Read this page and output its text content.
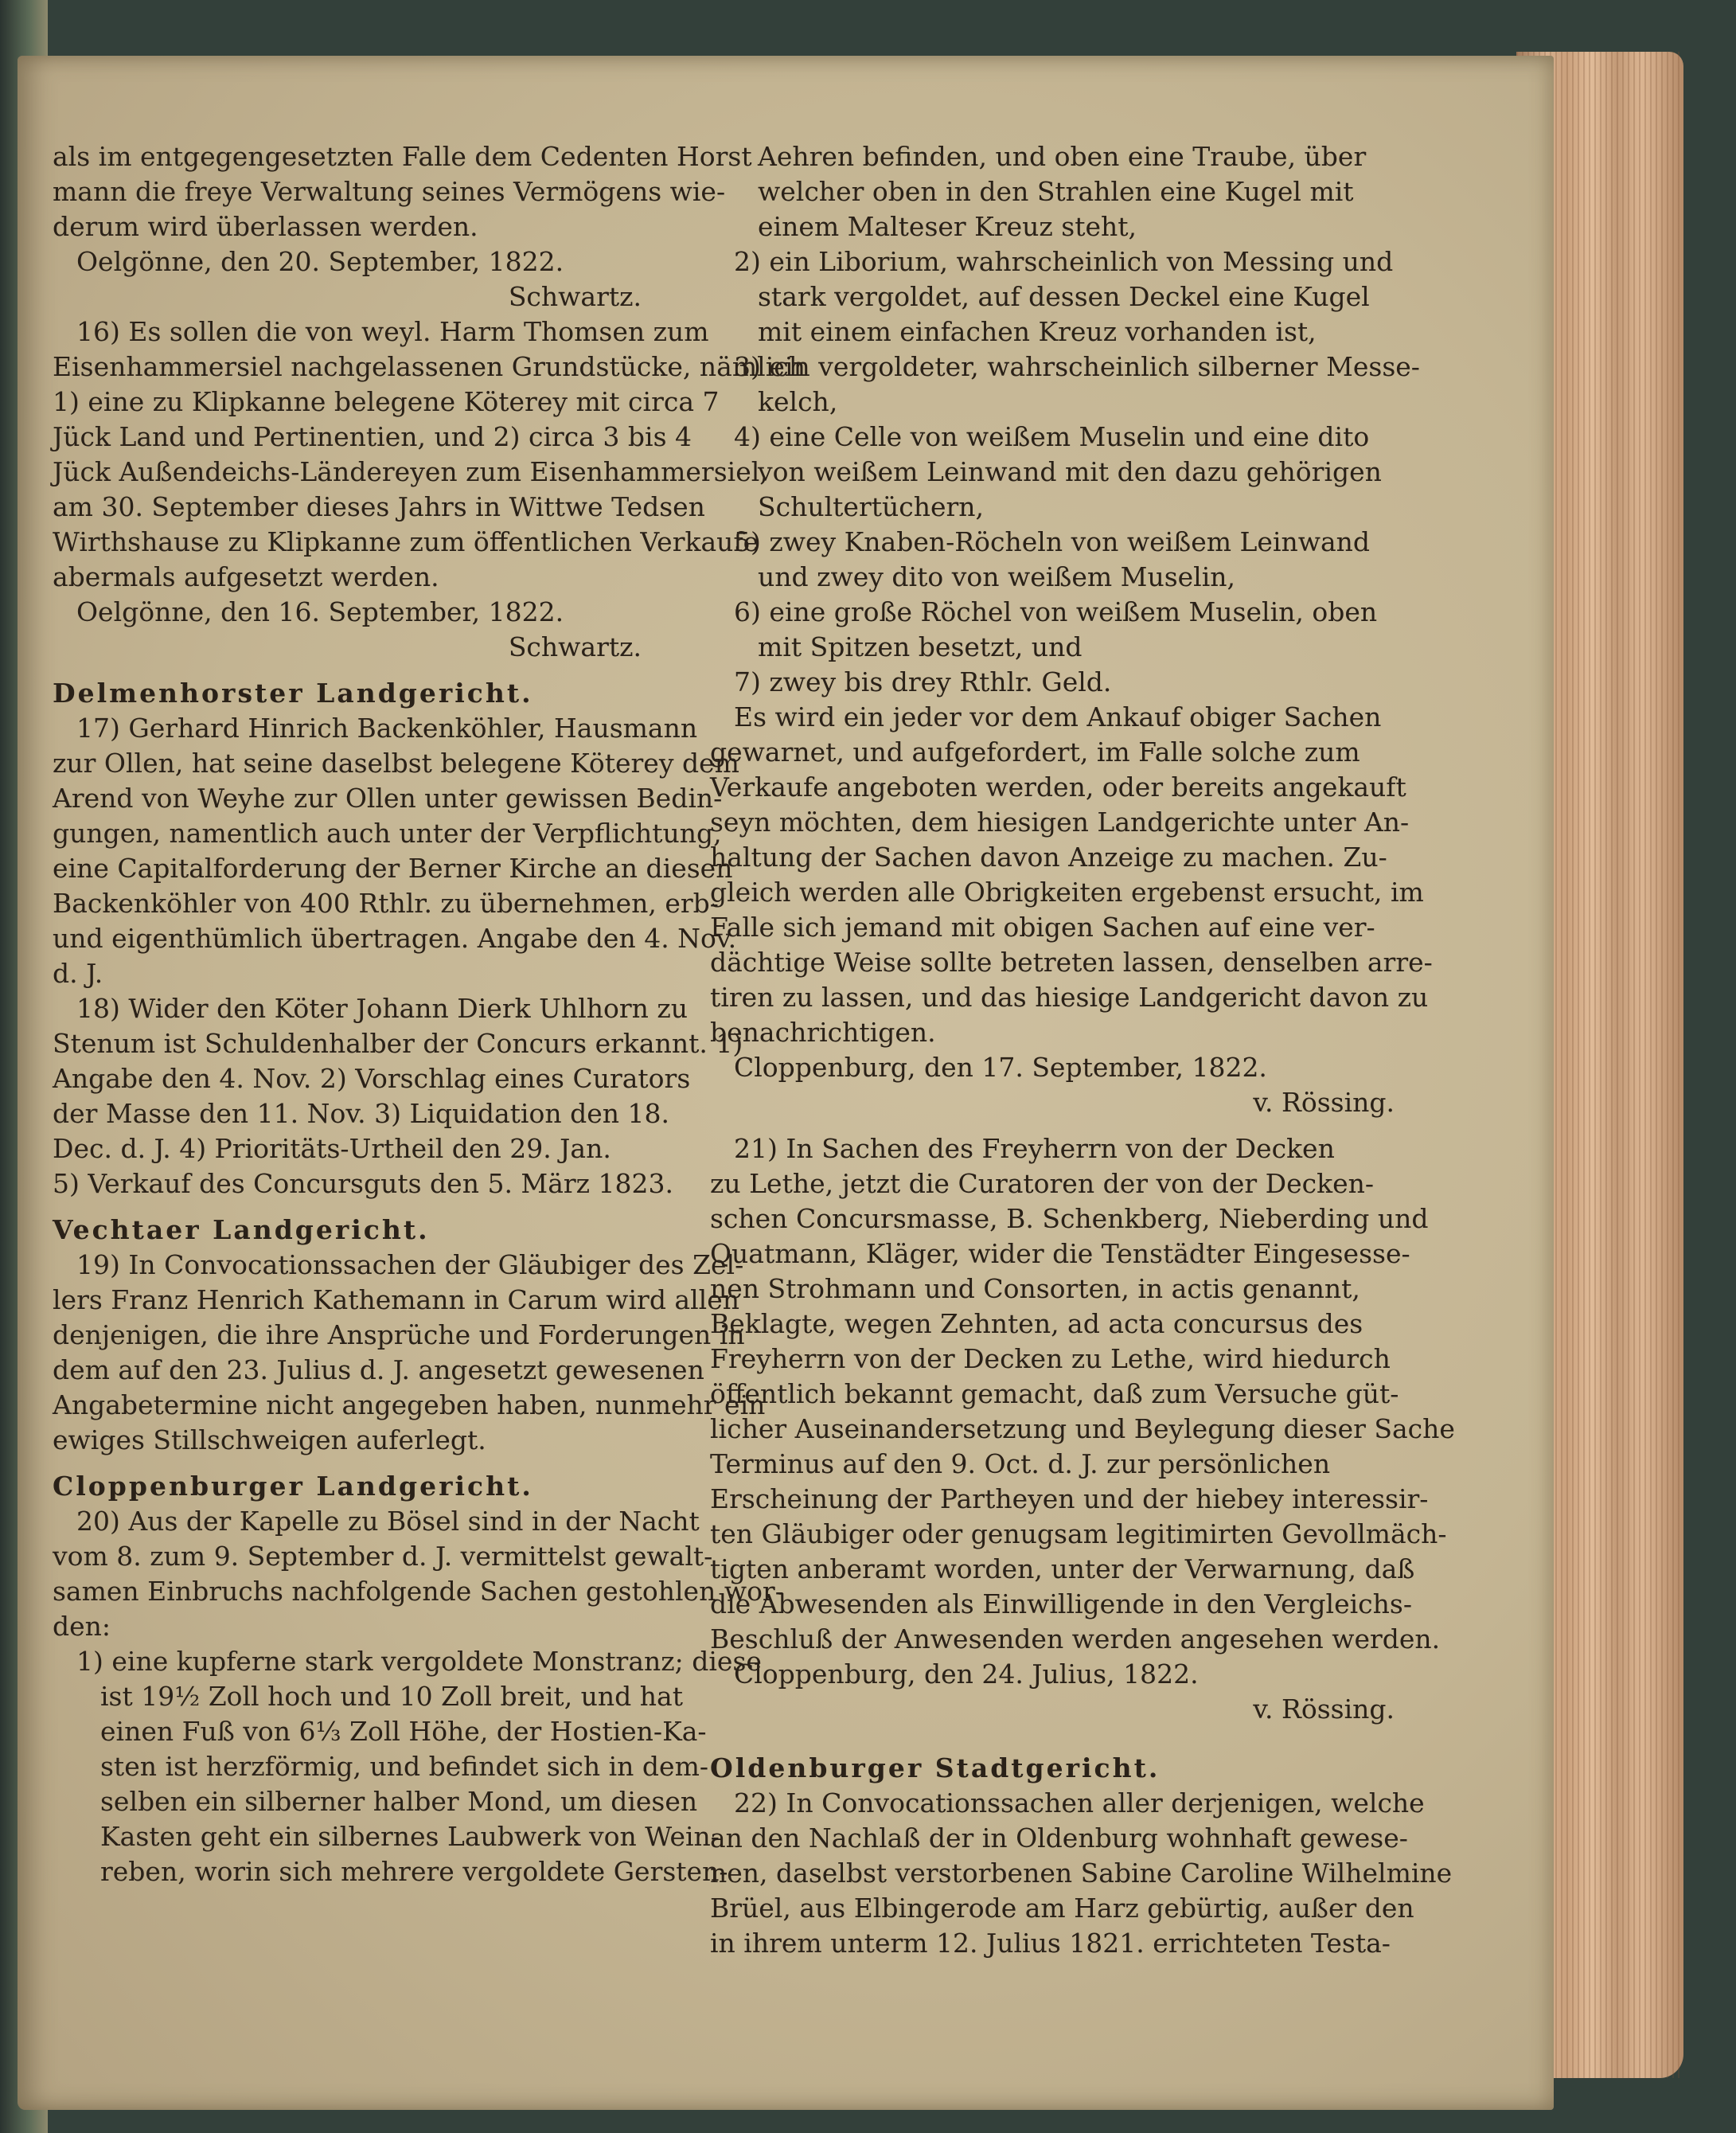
als im entgegengesetzten Falle dem Cedenten Horst
mann die freye Verwaltung seines Vermögens wie-
derum wird überlassen werden.
Oelgönne, den 20. September, 1822.
Schwartz.
16) Es sollen die von weyl. Harm Thomsen zum
Eisenhammersiel nachgelassenen Grundstücke, nämlich
1) eine zu Klipkanne belegene Köterey mit circa 7
Jück Land und Pertinentien, und 2) circa 3 bis 4
Jück Außendeichs-Ländereyen zum Eisenhammersiel,
am 30. September dieses Jahrs in Wittwe Tedsen
Wirthshause zu Klipkanne zum öffentlichen Verkaufe
abermals aufgesetzt werden.
Oelgönne, den 16. September, 1822.
Schwartz.
Delmenhorster Landgericht.
17) Gerhard Hinrich Backenköhler, Hausmann
zur Ollen, hat seine daselbst belegene Köterey dem
Arend von Weyhe zur Ollen unter gewissen Bedin-
gungen, namentlich auch unter der Verpflichtung,
eine Capitalforderung der Berner Kirche an diesen
Backenköhler von 400 Rthlr. zu übernehmen, erb-
und eigenthümlich übertragen. Angabe den 4. Nov.
d. J.
18) Wider den Köter Johann Dierk Uhlhorn zu
Stenum ist Schuldenhalber der Concurs erkannt. 1)
Angabe den 4. Nov. 2) Vorschlag eines Curators
der Masse den 11. Nov. 3) Liquidation den 18.
Dec. d. J. 4) Prioritäts-Urtheil den 29. Jan.
5) Verkauf des Concursguts den 5. März 1823.
Vechtaer Landgericht.
19) In Convocationssachen der Gläubiger des Zel-
lers Franz Henrich Kathemann in Carum wird allen
denjenigen, die ihre Ansprüche und Forderungen in
dem auf den 23. Julius d. J. angesetzt gewesenen
Angabetermine nicht angegeben haben, nunmehr ein
ewiges Stillschweigen auferlegt.
Cloppenburger Landgericht.
20) Aus der Kapelle zu Bösel sind in der Nacht
vom 8. zum 9. September d. J. vermittelst gewalt-
samen Einbruchs nachfolgende Sachen gestohlen wor-
den:
1) eine kupferne stark vergoldete Monstranz; diese
ist 19½ Zoll hoch und 10 Zoll breit, und hat
einen Fuß von 6⅓ Zoll Höhe, der Hostien-Ka-
sten ist herzförmig, und befindet sich in dem-
selben ein silberner halber Mond, um diesen
Kasten geht ein silbernes Laubwerk von Wein-
reben, worin sich mehrere vergoldete Gersten-
Aehren befinden, und oben eine Traube, über
welcher oben in den Strahlen eine Kugel mit
einem Malteser Kreuz steht,
2) ein Liborium, wahrscheinlich von Messing und
stark vergoldet, auf dessen Deckel eine Kugel
mit einem einfachen Kreuz vorhanden ist,
3) ein vergoldeter, wahrscheinlich silberner Messe-
kelch,
4) eine Celle von weißem Muselin und eine dito
von weißem Leinwand mit den dazu gehörigen
Schultertüchern,
5) zwey Knaben-Röcheln von weißem Leinwand
und zwey dito von weißem Muselin,
6) eine große Röchel von weißem Muselin, oben
mit Spitzen besetzt, und
7) zwey bis drey Rthlr. Geld.
Es wird ein jeder vor dem Ankauf obiger Sachen
gewarnet, und aufgefordert, im Falle solche zum
Verkaufe angeboten werden, oder bereits angekauft
seyn möchten, dem hiesigen Landgerichte unter An-
haltung der Sachen davon Anzeige zu machen. Zu-
gleich werden alle Obrigkeiten ergebenst ersucht, im
Falle sich jemand mit obigen Sachen auf eine ver-
dächtige Weise sollte betreten lassen, denselben arre-
tiren zu lassen, und das hiesige Landgericht davon zu
benachrichtigen.
Cloppenburg, den 17. September, 1822.
v. Rössing.
21) In Sachen des Freyherrn von der Decken
zu Lethe, jetzt die Curatoren der von der Decken-
schen Concursmasse, B. Schenkberg, Nieberding und
Quatmann, Kläger, wider die Tenstädter Eingesesse-
nen Strohmann und Consorten, in actis genannt,
Beklagte, wegen Zehnten, ad acta concursus des
Freyherrn von der Decken zu Lethe, wird hiedurch
öffentlich bekannt gemacht, daß zum Versuche güt-
licher Auseinandersetzung und Beylegung dieser Sache
Terminus auf den 9. Oct. d. J. zur persönlichen
Erscheinung der Partheyen und der hiebey interessir-
ten Gläubiger oder genugsam legitimirten Gevollmäch-
tigten anberamt worden, unter der Verwarnung, daß
die Abwesenden als Einwilligende in den Vergleichs-
Beschluß der Anwesenden werden angesehen werden.
Cloppenburg, den 24. Julius, 1822.
v. Rössing.
Oldenburger Stadtgericht.
22) In Convocationssachen aller derjenigen, welche
an den Nachlaß der in Oldenburg wohnhaft gewese-
nen, daselbst verstorbenen Sabine Caroline Wilhelmine
Brüel, aus Elbingerode am Harz gebürtig, außer den
in ihrem unterm 12. Julius 1821. errichteten Testa-
